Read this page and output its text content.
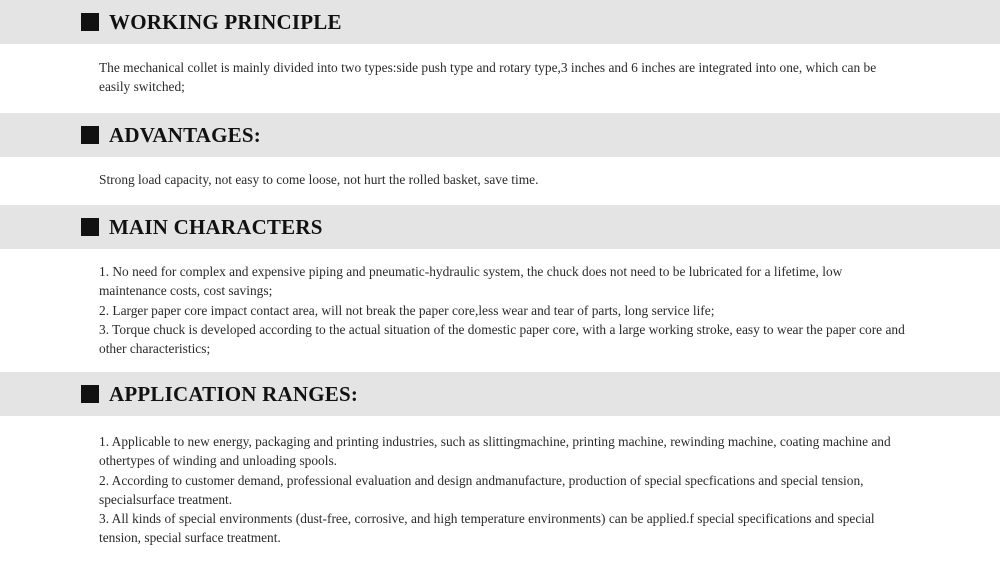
WORKING PRINCIPLE

The mechanical collet is mainly divided into two types:side push type and rotary type,3 inches and 6 inches are integrated into one, which can be easily switched;

ADVANTAGES:

Strong load capacity, not easy to come loose, not hurt the rolled basket, save time.

MAIN CHARACTERS

1. No need for complex and expensive piping and pneumatic-hydraulic system, the chuck does not need to be lubricated for a lifetime, low maintenance costs, cost savings;

2. Larger paper core impact contact area, will not break the paper core,less wear and tear of parts, long service life;

3. Torque chuck is developed according to the actual situation of the domestic paper core, with a large working stroke, easy to wear the paper core and other characteristics;

APPLICATION RANGES:

1. Applicable to new energy, packaging and printing industries, such as slittingmachine, printing machine, rewinding machine, coating machine and othertypes of winding and unloading spools.

2. According to customer demand, professional evaluation and design andmanufacture, production of special specfications and special tension, specialsurface treatment.

3. All kinds of special environments (dust-free, corrosive, and high temperature environments) can be applied.f special specifications and special tension, special surface treatment.
